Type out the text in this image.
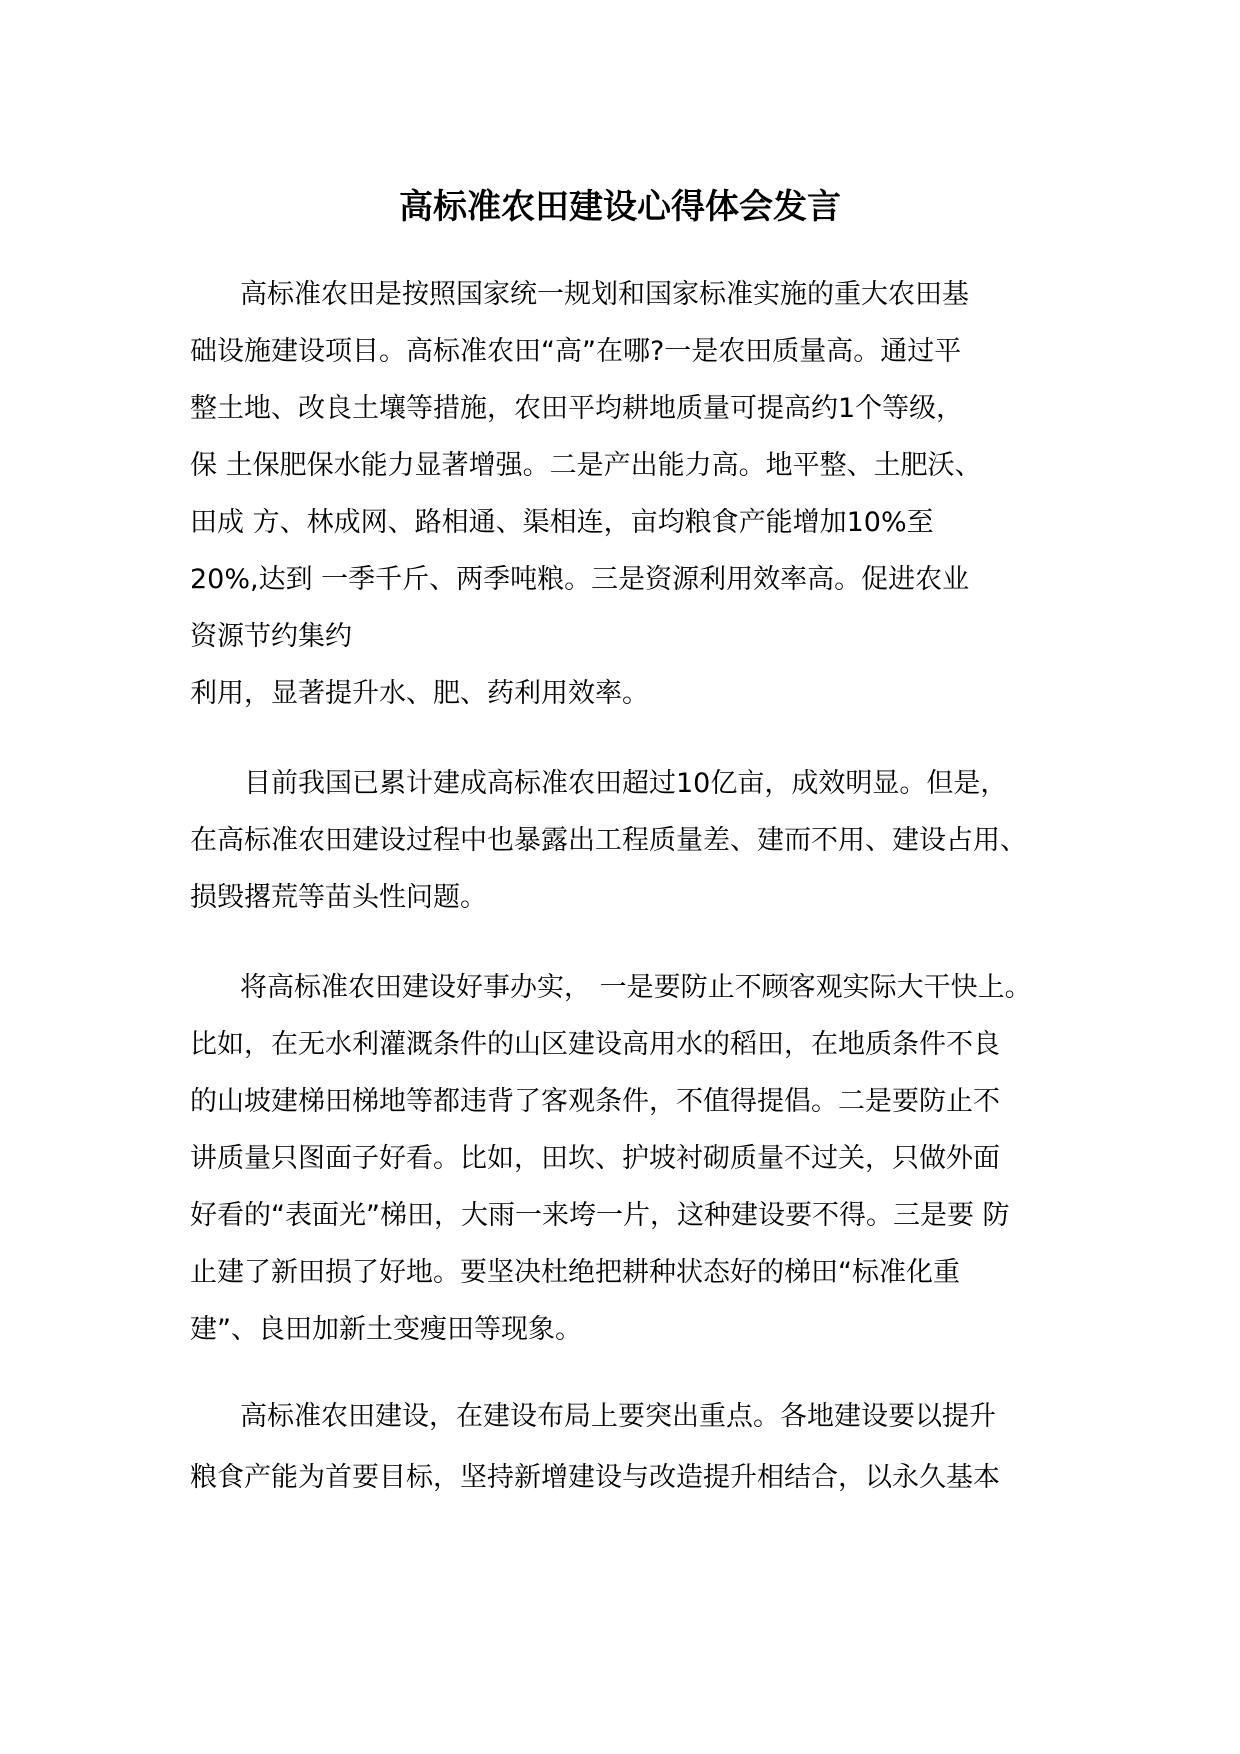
高标准农田建设心得体会发言
高标准农田是按照国家统一规划和国家标准实施的重大农田基
础设施建设项目。高标准农田“高”在哪?一是农田质量高。通过平
整土地、改良土壤等措施，农田平均耕地质量可提高约1个等级，
保 土保肥保水能力显著增强。二是产出能力高。地平整、土肥沃、
田成 方、林成网、路相通、渠相连，亩均粮食产能增加10%至
20%,达到 一季千斤、两季吨粮。三是资源利用效率高。促进农业
资源节约集约
利用，显著提升水、肥、药利用效率。
目前我国已累计建成高标准农田超过10亿亩，成效明显。但是，
在高标准农田建设过程中也暴露出工程质量差、建而不用、建设占用、
损毁撂荒等苗头性问题。
将高标准农田建设好事办实， 一是要防止不顾客观实际大干快上。
比如，在无水利灌溉条件的山区建设高用水的稻田，在地质条件不良
的山坡建梯田梯地等都违背了客观条件，不值得提倡。二是要防止不
讲质量只图面子好看。比如，田坎、护坡衬砌质量不过关，只做外面
好看的“表面光”梯田，大雨一来垮一片，这种建设要不得。三是要 防
止建了新田损了好地。要坚决杜绝把耕种状态好的梯田“标准化重
建”、良田加新土变瘦田等现象。
高标准农田建设，在建设布局上要突出重点。各地建设要以提升
粮食产能为首要目标，坚持新增建设与改造提升相结合，以永久基本
